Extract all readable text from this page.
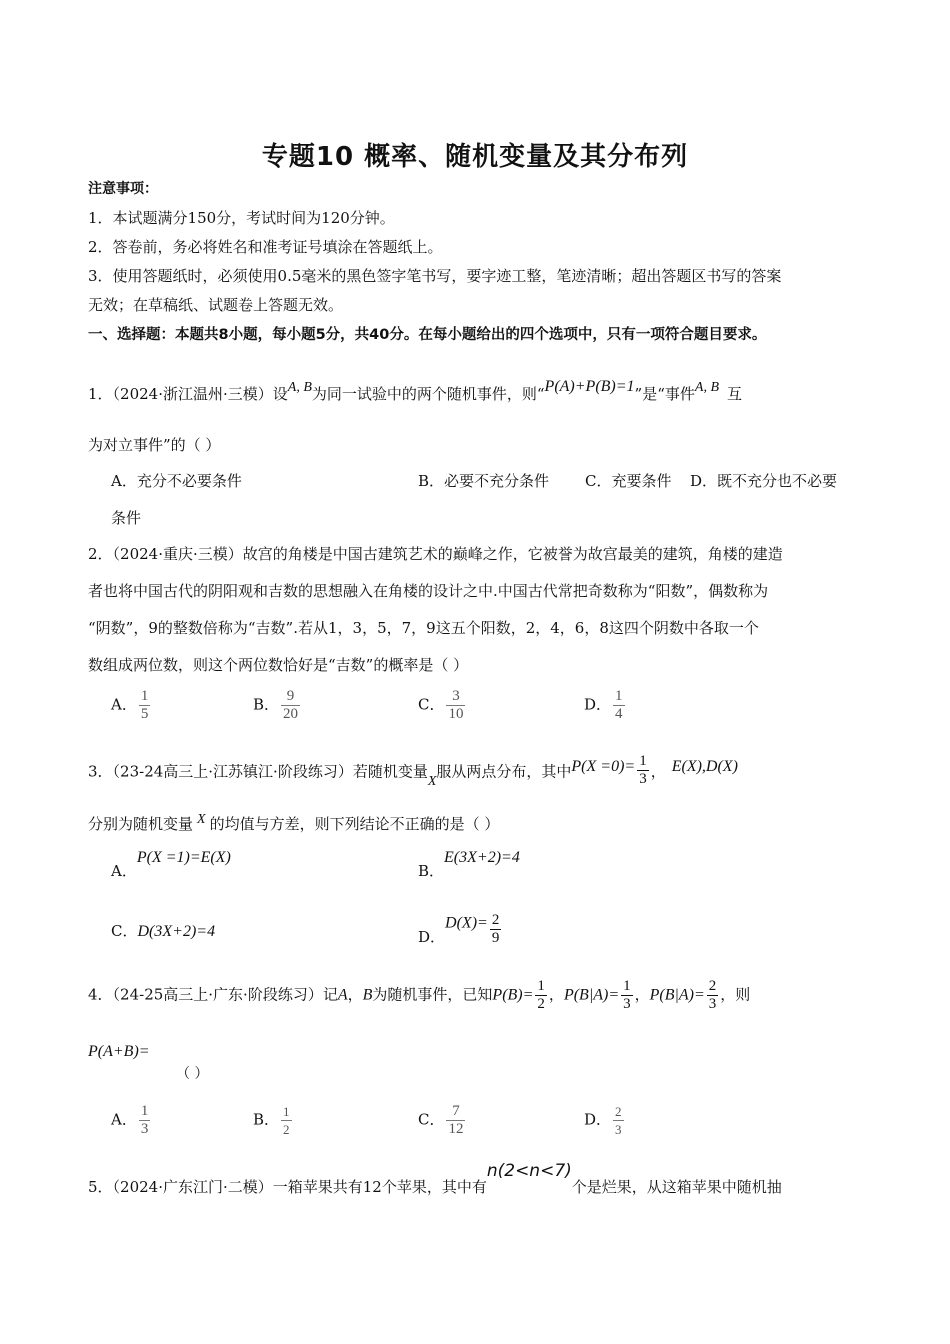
专题10 概率、随机变量及其分布列
注意事项：
1．本试题满分150分，考试时间为120分钟。
2．答卷前，务必将姓名和准考证号填涂在答题纸上。
3．使用答题纸时，必须使用0.5毫米的黑色签字笔书写，要字迹工整，笔迹清晰；超出答题区书写的答案
无效；在草稿纸、试题卷上答题无效。
一、选择题：本题共8小题，每小题5分，共40分。在每小题给出的四个选项中，只有一项符合题目要求。
1．（2024·浙江温州·三模）设A, B为同一试验中的两个随机事件，则“P(A)+P(B)=1”是“事件A, B 互
为对立事件”的（ ）
A．充分不必要条件	B．必要不充分条件 C．充要条件 D．既不充分也不必要
条件
2．（2024·重庆·三模）故宫的角楼是中国古建筑艺术的巅峰之作，它被誉为故宫最美的建筑，角楼的建造
者也将中国古代的阴阳观和吉数的思想融入在角楼的设计之中.中国古代常把奇数称为“阳数”，偶数称为
“阴数”，9的整数倍称为“吉数”.若从1，3，5，7，9这五个阳数，2，4，6，8这四个阴数中各取一个
数组成两位数，则这个两位数恰好是“吉数”的概率是（ ）
A． $\frac{1}{5}$	B． $\frac{9}{20}$	C． $\frac{3}{10}$	D． $\frac{1}{4}$
3．（23-24高三上·江苏镇江·阶段练习）若随机变量X服从两点分布，其中$P(X =0)= \frac{1}{3}$ ， E(X),D(X)
分别为随机变量 X 的均值与方差，则下列结论不正确的是（ ）
A．P(X =1)=E(X)
B．E(3X+2)=4
C．D(3X+2)=4	D．$D(X)= \frac{2}{9}$
4．（24-25高三上·广东·阶段练习）记A，B为随机事件，已知$P(B)= \frac{1}{2}$ ，$P(B|A)= \frac{1}{3}$ ，$P(B|A)= \frac{2}{3}$ ，则
P(A+B)=
（ ）
A． $\frac{1}{3}$	B． $\frac{1}{2}$	C． $\frac{7}{12}$	D． $\frac{2}{3}$
5．（2024·广东江门·二模）一箱苹果共有12个苹果，其中有n(2<n<7)个是烂果，从这箱苹果中随机抽
